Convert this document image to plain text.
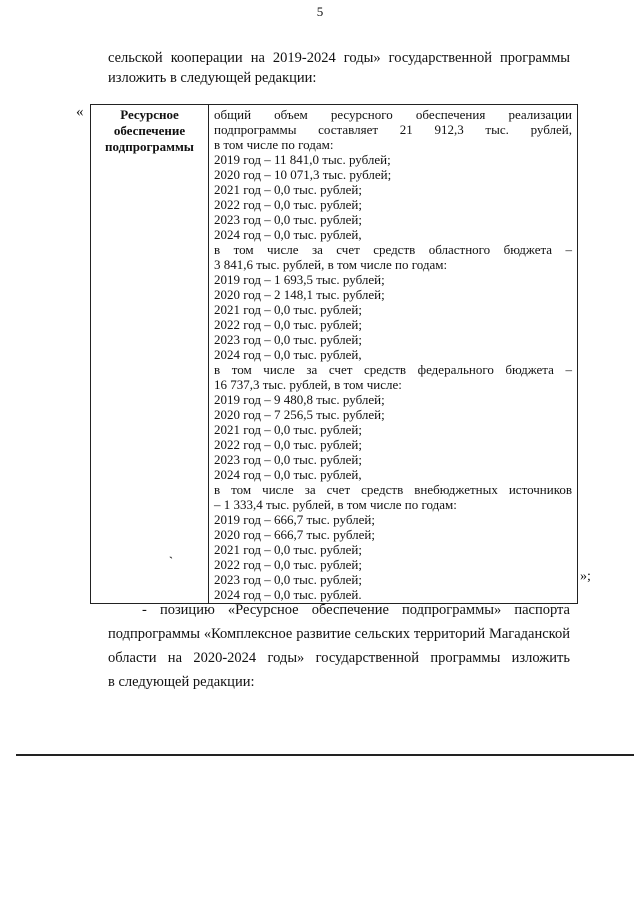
5
сельской кооперации на 2019-2024 годы» государственной программы
изложить в следующей редакции:
«	Ресурсное
обеспечение
подпрограммы
`

общий объем ресурсного обеспечения реализации
подпрограммы составляет 21 912,3 тыс. рублей,
в том числе по годам:
2019 год – 11 841,0 тыс. рублей;
2020 год – 10 071,3 тыс. рублей;
2021 год – 0,0 тыс. рублей;
2022 год – 0,0 тыс. рублей;
2023 год – 0,0 тыс. рублей;
2024 год – 0,0 тыс. рублей,
в том числе за счет средств областного бюджета –
3 841,6 тыс. рублей, в том числе по годам:
2019 год – 1 693,5 тыс. рублей;
2020 год – 2 148,1 тыс. рублей;
2021 год – 0,0 тыс. рублей;
2022 год – 0,0 тыс. рублей;
2023 год – 0,0 тыс. рублей;
2024 год – 0,0 тыс. рублей,
в том числе за счет средств федерального бюджета –
16 737,3 тыс. рублей, в том числе:
2019 год – 9 480,8 тыс. рублей;
2020 год – 7 256,5 тыс. рублей;
2021 год – 0,0 тыс. рублей;
2022 год – 0,0 тыс. рублей;
2023 год – 0,0 тыс. рублей;
2024 год – 0,0 тыс. рублей,
в том числе за счет средств внебюджетных источников
– 1 333,4 тыс. рублей, в том числе по годам:
2019 год – 666,7 тыс. рублей;
2020 год – 666,7 тыс. рублей;
2021 год – 0,0 тыс. рублей;
2022 год – 0,0 тыс. рублей;
2023 год – 0,0 тыс. рублей;
2024 год – 0,0 тыс. рублей.
»;
- позицию «Ресурсное обеспечение подпрограммы» паспорта
подпрограммы «Комплексное развитие сельских территорий Магаданской
области на 2020-2024 годы» государственной программы изложить
в следующей редакции:
